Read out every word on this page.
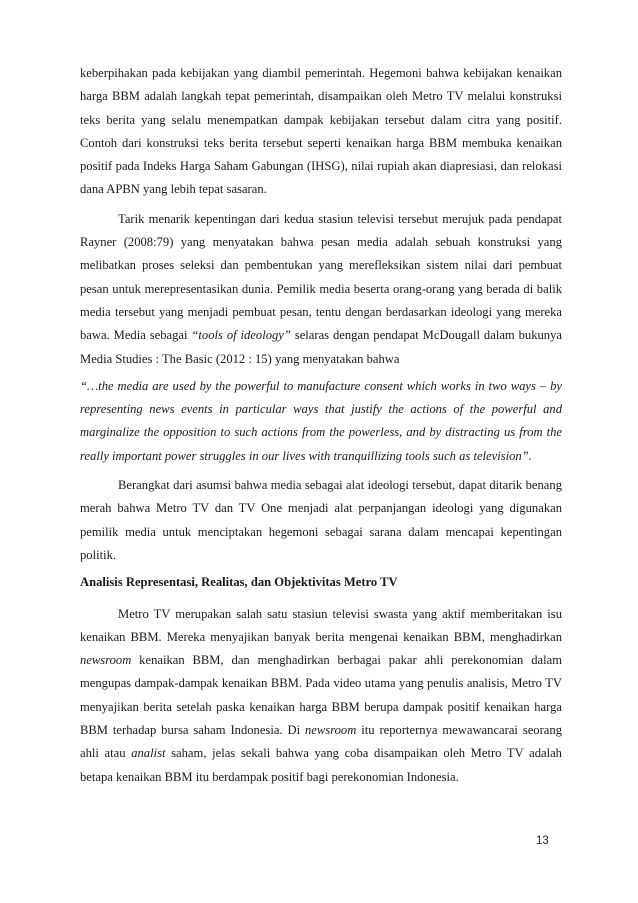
keberpihakan pada kebijakan yang diambil pemerintah. Hegemoni bahwa kebijakan kenaikan harga BBM adalah langkah tepat pemerintah, disampaikan oleh Metro TV melalui konstruksi teks berita yang selalu menempatkan dampak kebijakan tersebut dalam citra yang positif. Contoh dari konstruksi teks berita tersebut seperti kenaikan harga BBM membuka kenaikan positif pada Indeks Harga Saham Gabungan (IHSG), nilai rupiah akan diapresiasi, dan relokasi dana APBN yang lebih tepat sasaran.

Tarik menarik kepentingan dari kedua stasiun televisi tersebut merujuk pada pendapat Rayner (2008:79) yang menyatakan bahwa pesan media adalah sebuah konstruksi yang melibatkan proses seleksi dan pembentukan yang merefleksikan sistem nilai dari pembuat pesan untuk merepresentasikan dunia. Pemilik media beserta orang-orang yang berada di balik media tersebut yang menjadi pembuat pesan, tentu dengan berdasarkan ideologi yang mereka bawa. Media sebagai “tools of ideology” selaras dengan pendapat McDougall dalam bukunya Media Studies : The Basic (2012 : 15) yang menyatakan bahwa

“…the media are used by the powerful to manufacture consent which works in two ways – by representing news events in particular ways that justify the actions of the powerful and marginalize the opposition to such actions from the powerless, and by distracting us from the really important power struggles in our lives with tranquillizing tools such as television”.

Berangkat dari asumsi bahwa media sebagai alat ideologi tersebut, dapat ditarik benang merah bahwa Metro TV dan TV One menjadi alat perpanjangan ideologi yang digunakan pemilik media untuk menciptakan hegemoni sebagai sarana dalam mencapai kepentingan politik.

Analisis Representasi, Realitas, dan Objektivitas Metro TV

Metro TV merupakan salah satu stasiun televisi swasta yang aktif memberitakan isu kenaikan BBM. Mereka menyajikan banyak berita mengenai kenaikan BBM, menghadirkan newsroom kenaikan BBM, dan menghadirkan berbagai pakar ahli perekonomian dalam mengupas dampak-dampak kenaikan BBM. Pada video utama yang penulis analisis, Metro TV menyajikan berita setelah paska kenaikan harga BBM berupa dampak positif kenaikan harga BBM terhadap bursa saham Indonesia. Di newsroom itu reporternya mewawancarai seorang ahli atau analist saham, jelas sekali bahwa yang coba disampaikan oleh Metro TV adalah betapa kenaikan BBM itu berdampak positif bagi perekonomian Indonesia.

13
